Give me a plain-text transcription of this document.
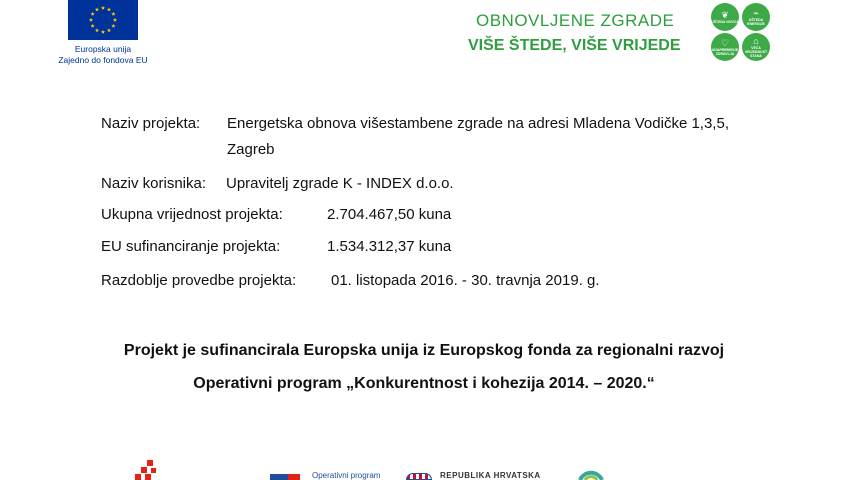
Europska unija
Zajedno do fondova EU
OBNOVLJENE ZGRADE
VIŠE ŠTEDE, VIŠE VRIJEDE
❦
UŠTEDA NOVCA
⌁
UŠTEDA ENERGIJE
♡
UNAPREĐENJE ZDRAVLJA
⌂
VEĆA VRIJEDNOST STANA
Naziv projekta: Energetska obnova višestambene zgrade na adresi Mladena Vodičke 1,3,5,
Zagreb
Naziv korisnika: Upravitelj zgrade K - INDEX d.o.o.
Ukupna vrijednost projekta:	2.704.467,50 kuna
EU sufinanciranje projekta:	1.534.312,37 kuna
Razdoblje provedbe projekta: 01. listopada 2016. - 30. travnja 2019. g.
Projekt je sufinancirala Europska unija iz Europskog fonda za regionalni razvoj
Operativni program „Konkurentnost i kohezija 2014. – 2020.“
Operativni program	REPUBLIKA HRVATSKA
